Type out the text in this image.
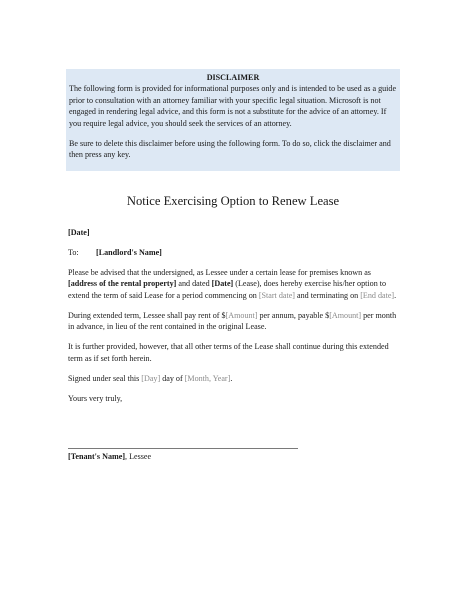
DISCLAIMER

The following form is provided for informational purposes only and is intended to be used as a guide prior to consultation with an attorney familiar with your specific legal situation. Microsoft is not engaged in rendering legal advice, and this form is not a substitute for the advice of an attorney. If you require legal advice, you should seek the services of an attorney.

Be sure to delete this disclaimer before using the following form. To do so, click the disclaimer and then press any key.

Notice Exercising Option to Renew Lease

[Date]

To: [Landlord's Name]

Please be advised that the undersigned, as Lessee under a certain lease for premises known as [address of the rental property] and dated [Date] (Lease), does hereby exercise his/her option to extend the term of said Lease for a period commencing on [Start date] and terminating on [End date].

During extended term, Lessee shall pay rent of $[Amount] per annum, payable $[Amount] per month in advance, in lieu of the rent contained in the original Lease.

It is further provided, however, that all other terms of the Lease shall continue during this extended term as if set forth herein.

Signed under seal this [Day] day of [Month, Year].

Yours very truly,

[Tenant's Name], Lessee
